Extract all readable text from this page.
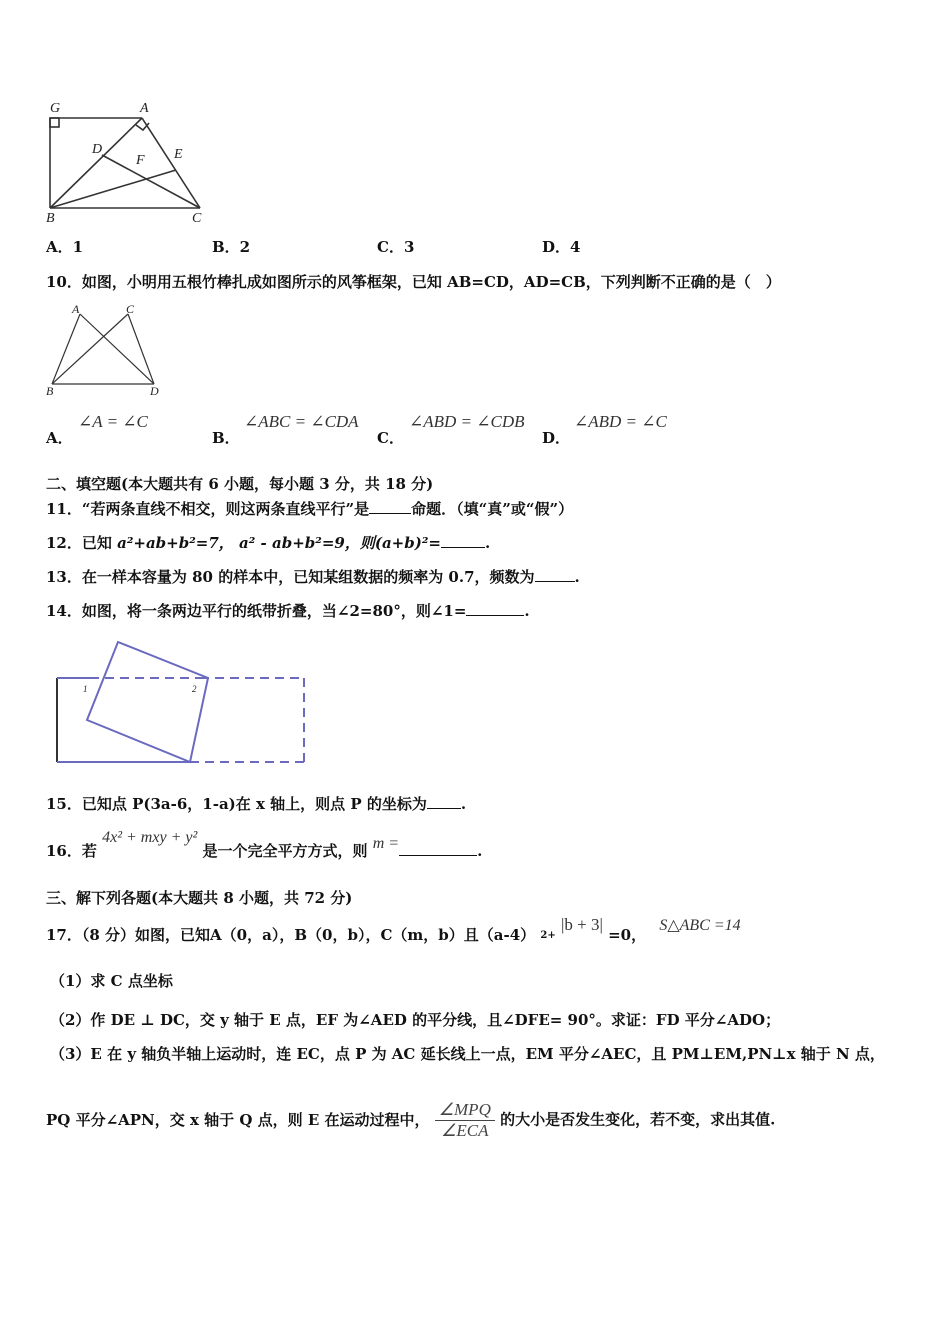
G	A
D
F E
B	C
A．1	B．2	C．3	D．4
10．如图，小明用五根竹棒扎成如图所示的风筝框架，已知 AB=CD，AD=CB，下列判断不正确的是（　）
A	C
B	D
A．
∠A = ∠C
B．
∠ABC = ∠CDA
C．
∠ABD = ∠CDB
D．
∠ABD = ∠C
二、填空题(本大题共有 6 小题，每小题 3 分，共 18 分)
11．“若两条直线不相交，则这两条直线平行”是	命题．（填“真”或“假”）
12．已知 a²+ab+b²=7， a² - ab+b²=9，则(a+b)²=	.
13．在一样本容量为 80 的样本中，已知某组数据的频率为 0.7，频数为	.
14．如图，将一条两边平行的纸带折叠，当∠2=80°，则∠1=	.
1	2
15．已知点 P(3a-6，1-a)在 x 轴上，则点 P 的坐标为 .
16．若 4x² + mxy + y² 是一个完全平方方式，则 m =	.
三、解下列各题(本大题共 8 小题，共 72 分)
17．（8 分）如图，已知A（0，a），B（0，b），C（m，b）且（a-4） $_{2+}$ |b + 3| =0， S△ABC =14
（1）求 C 点坐标
（2）作 DE ⊥ DC，交 y 轴于 E 点，EF 为∠AED 的平分线，且∠DFE= 90°。求证：FD 平分∠ADO；
（3）E 在 y 轴负半轴上运动时，连 EC，点 P 为 AC 延长线上一点，EM 平分∠AEC，且 PM⊥EM,PN⊥x 轴于 N 点，
PQ 平分∠APN，交 x 轴于 Q 点，则 E 在运动过程中， $\frac{\text{∠MPQ}}{\text{∠ECA}}$ 的大小是否发生变化，若不变，求出其值.
